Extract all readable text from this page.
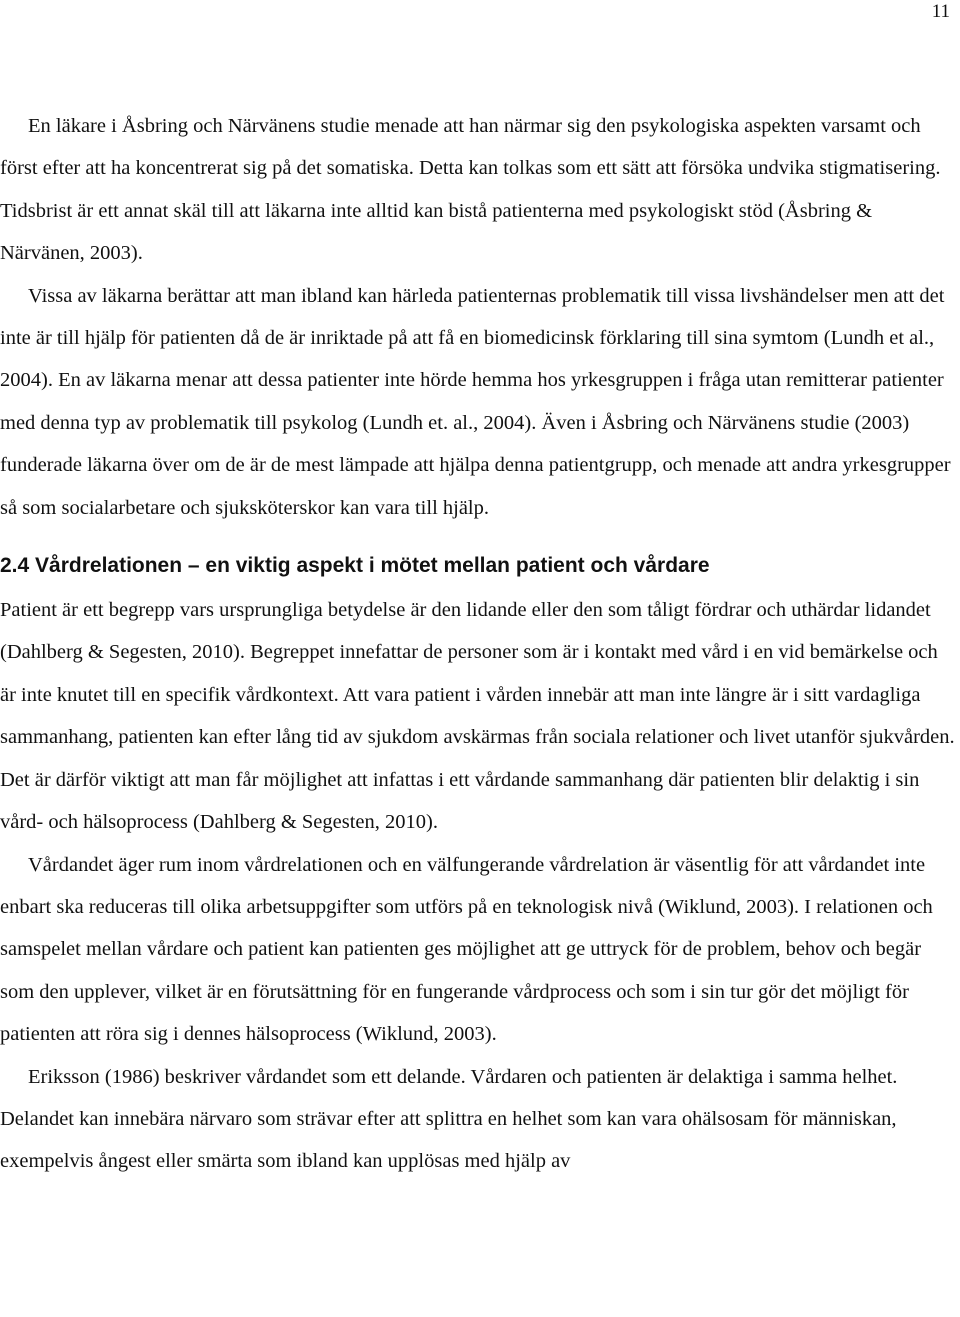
11

En läkare i Åsbring och Närvänens studie menade att han närmar sig den psykologiska aspekten varsamt och först efter att ha koncentrerat sig på det somatiska. Detta kan tolkas som ett sätt att försöka undvika stigmatisering. Tidsbrist är ett annat skäl till att läkarna inte alltid kan bistå patienterna med psykologiskt stöd (Åsbring & Närvänen, 2003).

Vissa av läkarna berättar att man ibland kan härleda patienternas problematik till vissa livshändelser men att det inte är till hjälp för patienten då de är inriktade på att få en biomedicinsk förklaring till sina symtom (Lundh et al., 2004). En av läkarna menar att dessa patienter inte hörde hemma hos yrkesgruppen i fråga utan remitterar patienter med denna typ av problematik till psykolog (Lundh et. al., 2004). Även i Åsbring och Närvänens studie (2003) funderade läkarna över om de är de mest lämpade att hjälpa denna patientgrupp, och menade att andra yrkesgrupper så som socialarbetare och sjuksköterskor kan vara till hjälp.

2.4 Vårdrelationen – en viktig aspekt i mötet mellan patient och vårdare

Patient är ett begrepp vars ursprungliga betydelse är den lidande eller den som tåligt fördrar och uthärdar lidandet (Dahlberg & Segesten, 2010). Begreppet innefattar de personer som är i kontakt med vård i en vid bemärkelse och är inte knutet till en specifik vårdkontext. Att vara patient i vården innebär att man inte längre är i sitt vardagliga sammanhang, patienten kan efter lång tid av sjukdom avskärmas från sociala relationer och livet utanför sjukvården. Det är därför viktigt att man får möjlighet att infattas i ett vårdande sammanhang där patienten blir delaktig i sin vård- och hälsoprocess (Dahlberg & Segesten, 2010).

Vårdandet äger rum inom vårdrelationen och en välfungerande vårdrelation är väsentlig för att vårdandet inte enbart ska reduceras till olika arbetsuppgifter som utförs på en teknologisk nivå (Wiklund, 2003). I relationen och samspelet mellan vårdare och patient kan patienten ges möjlighet att ge uttryck för de problem, behov och begär som den upplever, vilket är en förutsättning för en fungerande vårdprocess och som i sin tur gör det möjligt för patienten att röra sig i dennes hälsoprocess (Wiklund, 2003).

Eriksson (1986) beskriver vårdandet som ett delande. Vårdaren och patienten är delaktiga i samma helhet. Delandet kan innebära närvaro som strävar efter att splittra en helhet som kan vara ohälsosam för människan, exempelvis ångest eller smärta som ibland kan upplösas med hjälp av
